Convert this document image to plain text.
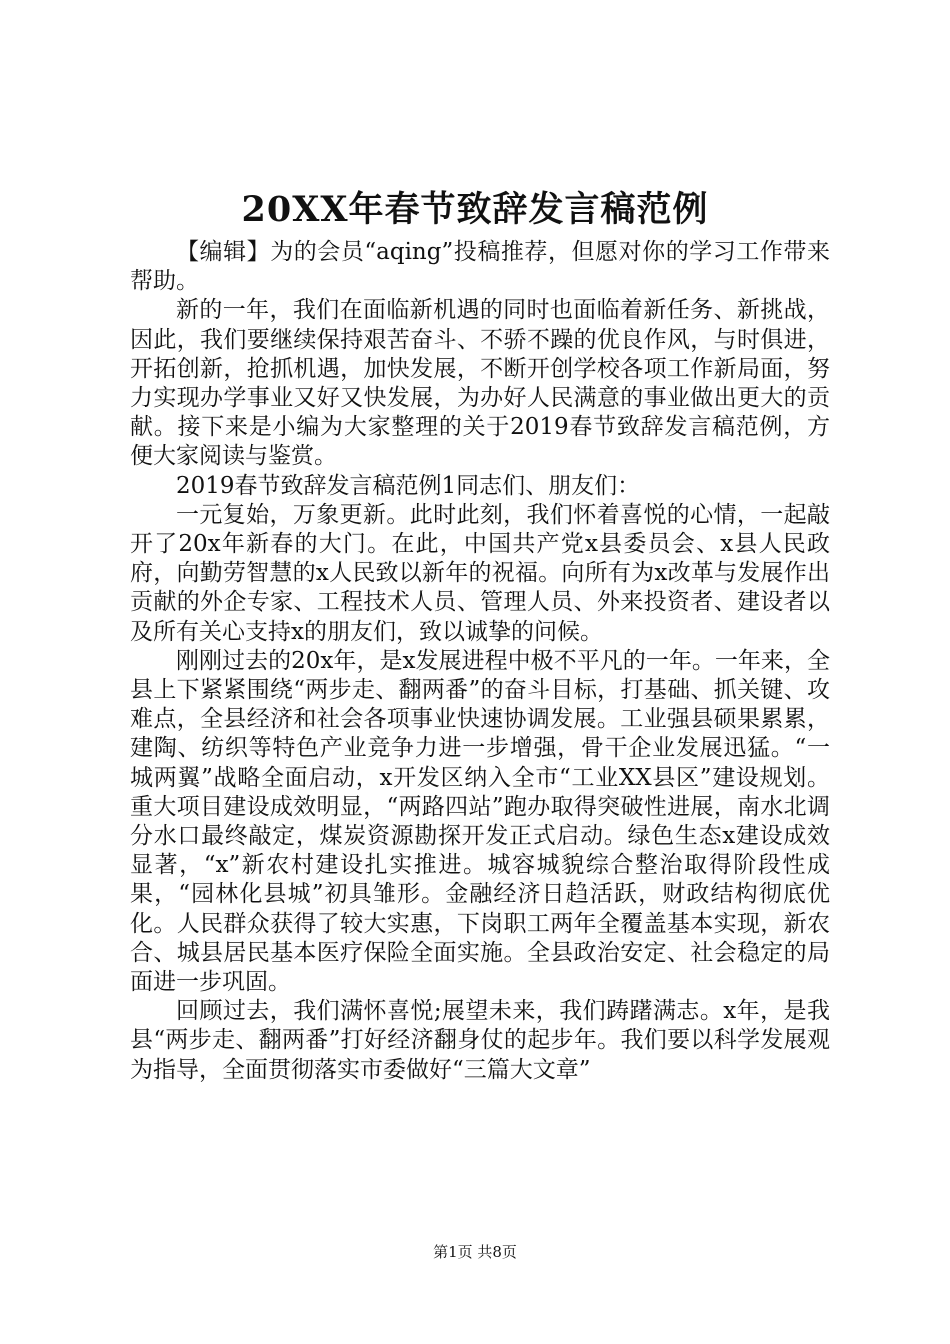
20XX年春节致辞发言稿范例

【编辑】为的会员“aqing”投稿推荐，但愿对你的学习工作带来帮助。

新的一年，我们在面临新机遇的同时也面临着新任务、新挑战，因此，我们要继续保持艰苦奋斗、不骄不躁的优良作风，与时俱进，开拓创新，抢抓机遇，加快发展，不断开创学校各项工作新局面，努力实现办学事业又好又快发展，为办好人民满意的事业做出更大的贡献。接下来是小编为大家整理的关于2019春节致辞发言稿范例，方便大家阅读与鉴赏。

2019春节致辞发言稿范例1同志们、朋友们：

一元复始，万象更新。此时此刻，我们怀着喜悦的心情，一起敲开了20x年新春的大门。在此，中国共产党x县委员会、x县人民政府，向勤劳智慧的x人民致以新年的祝福。向所有为x改革与发展作出贡献的外企专家、工程技术人员、管理人员、外来投资者、建设者以及所有关心支持x的朋友们，致以诚挚的问候。

刚刚过去的20x年，是x发展进程中极不平凡的一年。一年来，全县上下紧紧围绕“两步走、翻两番”的奋斗目标，打基础、抓关键、攻难点，全县经济和社会各项事业快速协调发展。工业强县硕果累累，建陶、纺织等特色产业竞争力进一步增强，骨干企业发展迅猛。“一城两翼”战略全面启动，x开发区纳入全市“工业XX县区”建设规划。重大项目建设成效明显，“两路四站”跑办取得突破性进展，南水北调分水口最终敲定，煤炭资源勘探开发正式启动。绿色生态x建设成效显著，“x”新农村建设扎实推进。城容城貌综合整治取得阶段性成果，“园林化县城”初具雏形。金融经济日趋活跃，财政结构彻底优化。人民群众获得了较大实惠，下岗职工两年全覆盖基本实现，新农合、城县居民基本医疗保险全面实施。全县政治安定、社会稳定的局面进一步巩固。

回顾过去，我们满怀喜悦;展望未来，我们踌躇满志。x年，是我县“两步走、翻两番”打好经济翻身仗的起步年。我们要以科学发展观为指导，全面贯彻落实市委做好“三篇大文章”

第1页 共8页
